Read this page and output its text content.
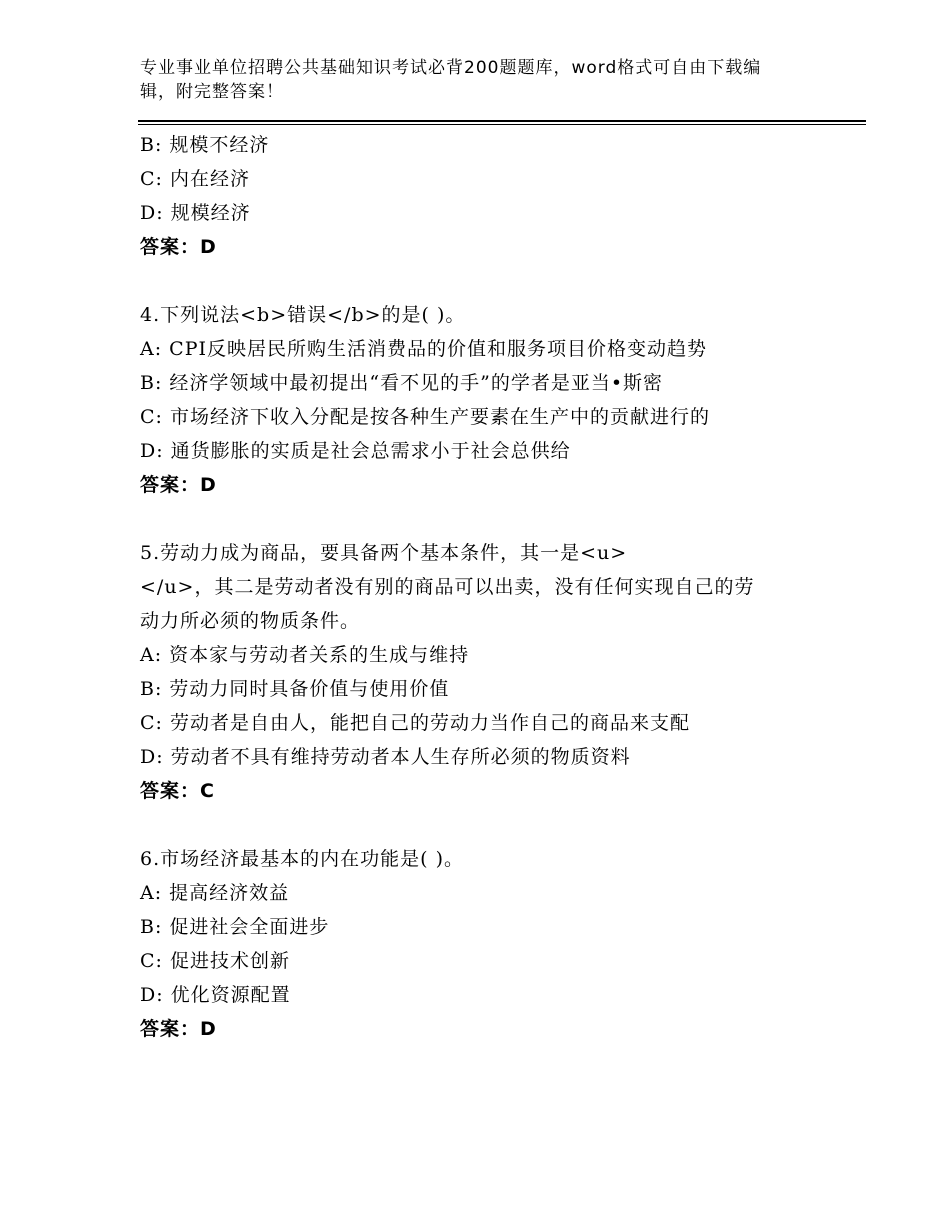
专业事业单位招聘公共基础知识考试必背200题题库，word格式可自由下载编
辑，附完整答案！
B: 规模不经济
C: 内在经济
D: 规模经济
答案：D
4.下列说法<b>错误</b>的是( )。
A: CPI反映居民所购生活消费品的价值和服务项目价格变动趋势
B: 经济学领域中最初提出“看不见的手”的学者是亚当•斯密
C: 市场经济下收入分配是按各种生产要素在生产中的贡献进行的
D: 通货膨胀的实质是社会总需求小于社会总供给
答案：D
5.劳动力成为商品，要具备两个基本条件，其一是<u>
</u>，其二是劳动者没有别的商品可以出卖，没有任何实现自己的劳
动力所必须的物质条件。
A: 资本家与劳动者关系的生成与维持
B: 劳动力同时具备价值与使用价值
C: 劳动者是自由人，能把自己的劳动力当作自己的商品来支配
D: 劳动者不具有维持劳动者本人生存所必须的物质资料
答案：C
6.市场经济最基本的内在功能是( )。
A: 提高经济效益
B: 促进社会全面进步
C: 促进技术创新
D: 优化资源配置
答案：D
